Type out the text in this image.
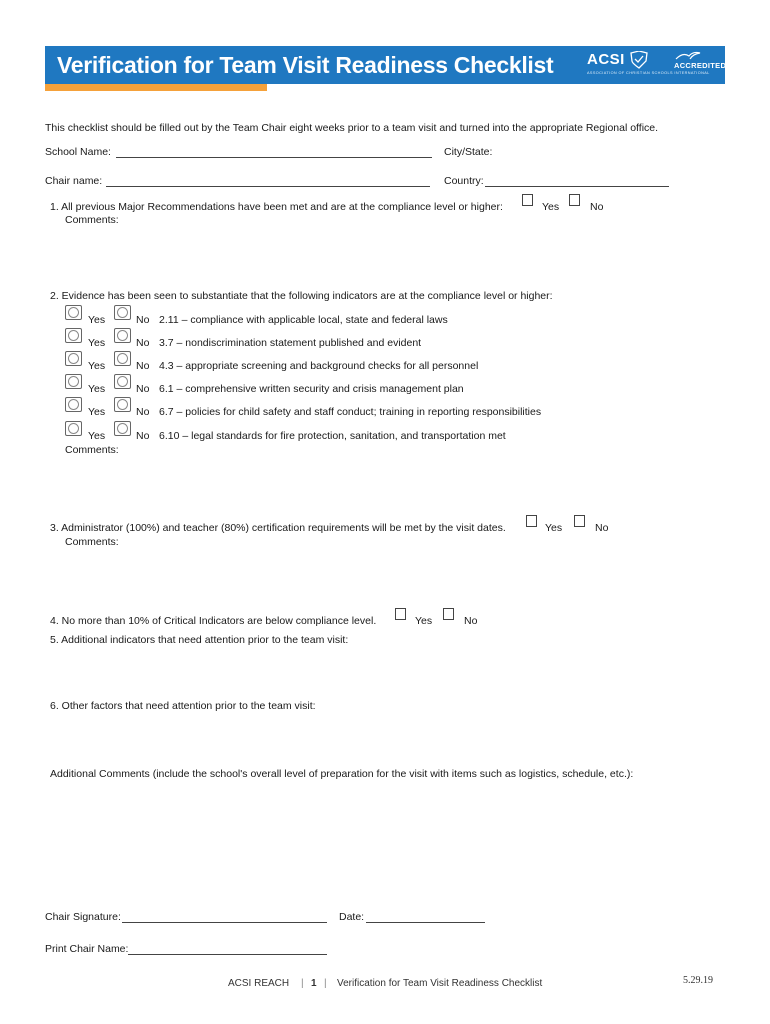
Verification for Team Visit Readiness Checklist ACSI	ACCREDITED
ASSOCIATION OF CHRISTIAN SCHOOLS INTERNATIONAL
This checklist should be filled out by the Team Chair eight weeks prior to a team visit and turned into the appropriate Regional office.
School Name:	City/State:
Chair name:	Country:
1. All previous Major Recommendations have been met and are at the compliance level or higher:	Yes	No
Comments:
2. Evidence has been seen to substantiate that the following indicators are at the compliance level or higher:
Yes	No 2.11 – compliance with applicable local, state and federal laws
Yes	No 3.7 – nondiscrimination statement published and evident
Yes	No 4.3 – appropriate screening and background checks for all personnel
Yes	No 6.1 – comprehensive written security and crisis management plan
Yes	No 6.7 – policies for child safety and staff conduct; training in reporting responsibilities
Yes	No 6.10 – legal standards for fire protection, sanitation, and transportation met
Comments:
3. Administrator (100%) and teacher (80%) certification requirements will be met by the visit dates.	Yes	No
Comments:
4. No more than 10% of Critical Indicators are below compliance level.	Yes	No
5. Additional indicators that need attention prior to the team visit:
6. Other factors that need attention prior to the team visit:
Additional Comments (include the school's overall level of preparation for the visit with items such as logistics, schedule, etc.):
Chair Signature:	Date:
Print Chair Name:
ACSI REACH | 1 | Verification for Team Visit Readiness Checklist	5.29.19
